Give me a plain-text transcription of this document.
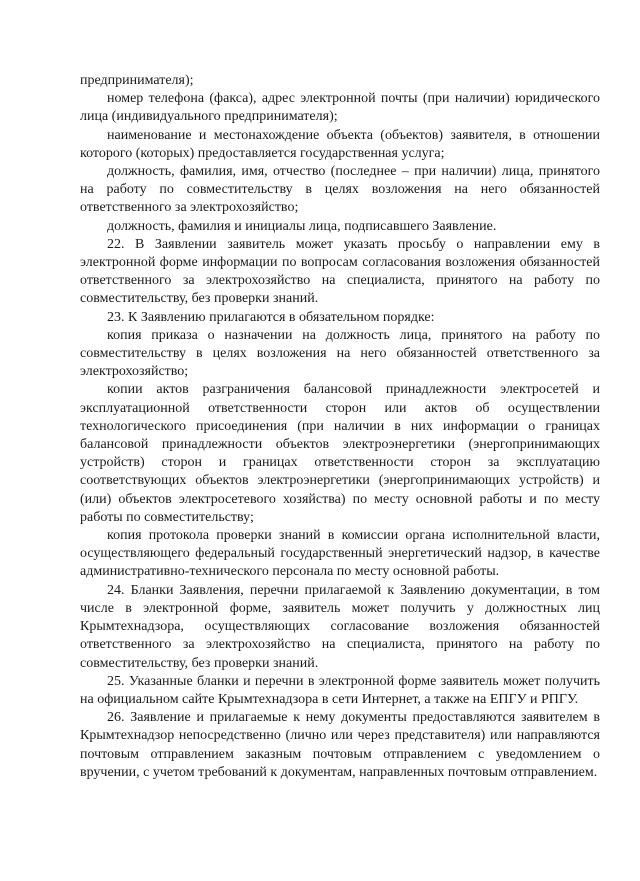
предпринимателя);

номер телефона (факса), адрес электронной почты (при наличии) юридического лица (индивидуального предпринимателя);

наименование и местонахождение объекта (объектов) заявителя, в отношении которого (которых) предоставляется государственная услуга;

должность, фамилия, имя, отчество (последнее – при наличии) лица, принятого на работу по совместительству в целях возложения на него обязанностей ответственного за электрохозяйство;

должность, фамилия и инициалы лица, подписавшего Заявление.

22. В Заявлении заявитель может указать просьбу о направлении ему в электронной форме информации по вопросам согласования возложения обязанностей ответственного за электрохозяйство на специалиста, принятого на работу по совместительству, без проверки знаний.

23. К Заявлению прилагаются в обязательном порядке:

копия приказа о назначении на должность лица, принятого на работу по совместительству в целях возложения на него обязанностей ответственного за электрохозяйство;

копии актов разграничения балансовой принадлежности электросетей и эксплуатационной ответственности сторон или актов об осуществлении технологического присоединения (при наличии в них информации о границах балансовой принадлежности объектов электроэнергетики (энергопринимающих устройств) сторон и границах ответственности сторон за эксплуатацию соответствующих объектов электроэнергетики (энергопринимающих устройств) и (или) объектов электросетевого хозяйства) по месту основной работы и по месту работы по совместительству;

копия протокола проверки знаний в комиссии органа исполнительной власти, осуществляющего федеральный государственный энергетический надзор, в качестве административно-технического персонала по месту основной работы.

24. Бланки Заявления, перечни прилагаемой к Заявлению документации, в том числе в электронной форме, заявитель может получить у должностных лиц Крымтехнадзора, осуществляющих согласование возложения обязанностей ответственного за электрохозяйство на специалиста, принятого на работу по совместительству, без проверки знаний.

25. Указанные бланки и перечни в электронной форме заявитель может получить на официальном сайте Крымтехнадзора в сети Интернет, а также на ЕПГУ и РПГУ.

26. Заявление и прилагаемые к нему документы предоставляются заявителем в Крымтехнадзор непосредственно (лично или через представителя) или направляются почтовым отправлением заказным почтовым отправлением с уведомлением о вручении, с учетом требований к документам, направленных почтовым отправлением.
